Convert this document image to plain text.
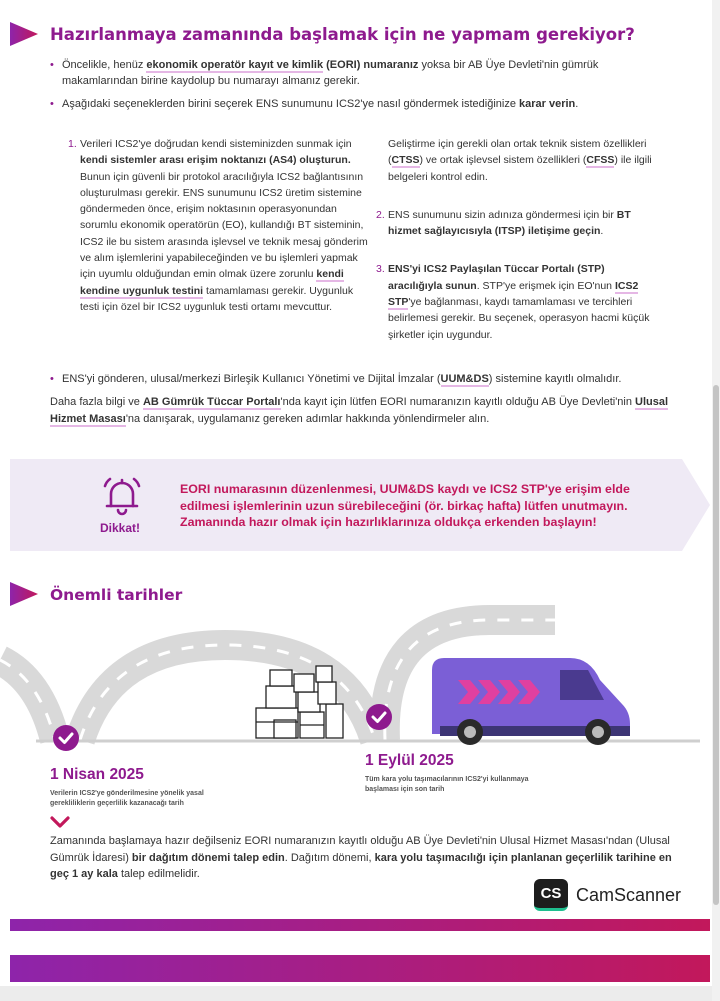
Hazırlanmaya zamanında başlamak için ne yapmam gerekiyor?
• Öncelikle, henüz ekonomik operatör kayıt ve kimlik (EORI) numaranız yoksa bir AB Üye Devleti'nin gümrük makamlarından birine kaydolup bu numarayı almanız gerekir.
• Aşağıdaki seçeneklerden birini seçerek ENS sunumunu ICS2'ye nasıl göndermek istediğinize karar verin.
1. Verileri ICS2'ye doğrudan kendi sisteminizden sunmak için kendi sistemler arası erişim noktanızı (AS4) oluşturun. Bunun için güvenli bir protokol aracılığıyla ICS2 bağlantısının oluşturulması gerekir. ENS sunumunu ICS2 üretim sistemine göndermeden önce, erişim noktasının operasyonundan sorumlu ekonomik operatörün (EO), kullandığı BT sisteminin, ICS2 ile bu sistem arasında işlevsel ve teknik mesaj gönderim ve alım işlemlerini yapabileceğinden ve bu işlemleri yapmak için uyumlu olduğundan emin olmak üzere zorunlu kendi kendine uygunluk testini tamamlaması gerekir. Uygunluk testi için özel bir ICS2 uygunluk testi ortamı mevcuttur.
Geliştirme için gerekli olan ortak teknik sistem özellikleri (CTSS) ve ortak işlevsel sistem özellikleri (CFSS) ile ilgili belgeleri kontrol edin.
2. ENS sunumunu sizin adınıza göndermesi için bir BT hizmet sağlayıcısıyla (ITSP) iletişime geçin.
3. ENS'yi ICS2 Paylaşılan Tüccar Portalı (STP) aracılığıyla sunun. STP'ye erişmek için EO'nun ICS2 STP'ye bağlanması, kaydı tamamlaması ve tercihleri belirlemesi gerekir. Bu seçenek, operasyon hacmi küçük şirketler için uygundur.
• ENS'yi gönderen, ulusal/merkezi Birleşik Kullanıcı Yönetimi ve Dijital İmzalar (UUM&DS) sistemine kayıtlı olmalıdır.
Daha fazla bilgi ve AB Gümrük Tüccar Portalı'nda kayıt için lütfen EORI numaranızın kayıtlı olduğu AB Üye Devleti'nin Ulusal Hizmet Masası'na danışarak, uygulamanız gereken adımlar hakkında yönlendirmeler alın.
Dikkat!
EORI numarasının düzenlenmesi, UUM&DS kaydı ve ICS2 STP'ye erişim elde edilmesi işlemlerinin uzun sürebileceğini (ör. birkaç hafta) lütfen unutmayın. Zamanında hazır olmak için hazırlıklarınıza oldukça erkenden başlayın!
Önemli tarihler
1 Nisan 2025
Verilerin ICS2'ye gönderilmesine yönelik yasal gerekliliklerin geçerlilik kazanacağı tarih
1 Eylül 2025
Tüm kara yolu taşımacılarının ICS2'yi kullanmaya başlaması için son tarih
Zamanında başlamaya hazır değilseniz EORI numaranızın kayıtlı olduğu AB Üye Devleti'nin Ulusal Hizmet Masası'ndan (Ulusal Gümrük İdaresi) bir dağıtım dönemi talep edin. Dağıtım dönemi, kara yolu taşımacılığı için planlanan geçerlilik tarihine en geç 1 ay kala talep edilmelidir.
CS CamScanner
